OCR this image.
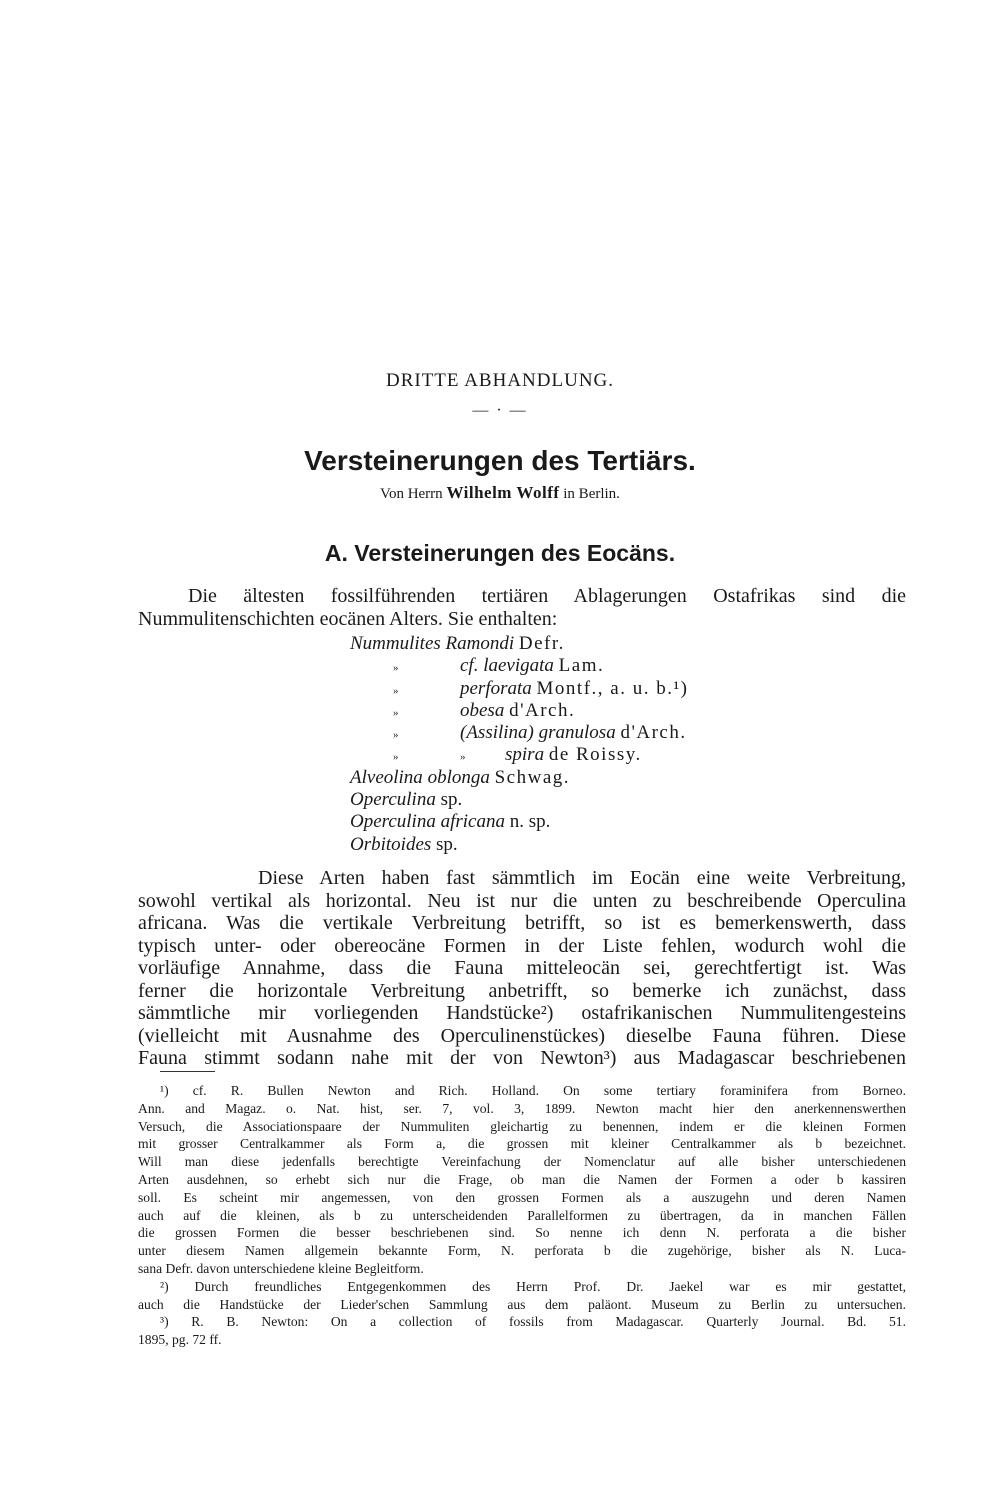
DRITTE ABHANDLUNG.
— · —
Versteinerungen des Tertiärs.
Von Herrn Wilhelm Wolff in Berlin.
A. Versteinerungen des Eocäns.
Die ältesten fossilführenden tertiären Ablagerungen Ostafrikas sind die
Nummulitenschichten eocänen Alters. Sie enthalten:
Nummulites Ramondi Defr.
»	cf. laevigata Lam.
»	perforata Montf., a. u. b.¹)
»	obesa d'Arch.
»	(Assilina) granulosa d'Arch.
»	» spira de Roissy.
Alveolina oblonga Schwag.
Operculina sp.
Operculina africana n. sp.
Orbitoides sp.
Diese Arten haben fast sämmtlich im Eocän eine weite Verbreitung,
sowohl vertikal als horizontal. Neu ist nur die unten zu beschreibende Operculina
africana. Was die vertikale Verbreitung betrifft, so ist es bemerkenswerth, dass
typisch unter- oder obereocäne Formen in der Liste fehlen, wodurch wohl die
vorläufige Annahme, dass die Fauna mitteleocän sei, gerechtfertigt ist. Was
ferner die horizontale Verbreitung anbetrifft, so bemerke ich zunächst, dass
sämmtliche mir vorliegenden Handstücke²) ostafrikanischen Nummulitengesteins
(vielleicht mit Ausnahme des Operculinenstückes) dieselbe Fauna führen. Diese
Fauna stimmt sodann nahe mit der von Newton³) aus Madagascar beschriebenen
¹) cf. R. Bullen Newton and Rich. Holland. On some tertiary foraminifera from Borneo.
Ann. and Magaz. o. Nat. hist, ser. 7, vol. 3, 1899. Newton macht hier den anerkennenswerthen
Versuch, die Associationspaare der Nummuliten gleichartig zu benennen, indem er die kleinen Formen
mit grosser Centralkammer als Form a, die grossen mit kleiner Centralkammer als b bezeichnet.
Will man diese jedenfalls berechtigte Vereinfachung der Nomenclatur auf alle bisher unterschiedenen
Arten ausdehnen, so erhebt sich nur die Frage, ob man die Namen der Formen a oder b kassiren
soll. Es scheint mir angemessen, von den grossen Formen als a auszugehn und deren Namen
auch auf die kleinen, als b zu unterscheidenden Parallelformen zu übertragen, da in manchen Fällen
die grossen Formen die besser beschriebenen sind. So nenne ich denn N. perforata a die bisher
unter diesem Namen allgemein bekannte Form, N. perforata b die zugehörige, bisher als N. Luca-
sana Defr. davon unterschiedene kleine Begleitform.
²) Durch freundliches Entgegenkommen des Herrn Prof. Dr. Jaekel war es mir gestattet,
auch die Handstücke der Lieder'schen Sammlung aus dem paläont. Museum zu Berlin zu untersuchen.
³) R. B. Newton: On a collection of fossils from Madagascar. Quarterly Journal. Bd. 51.
1895, pg. 72 ff.
